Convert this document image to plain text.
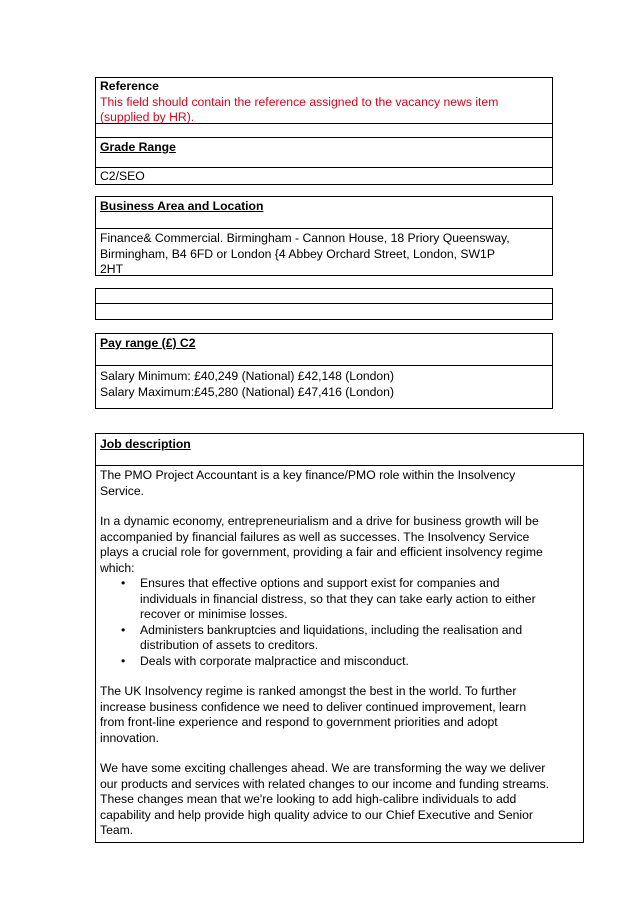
Reference

This field should contain the reference assigned to the vacancy news item

(supplied by HR).

Grade Range

C2/SEO

Business Area and Location

Finance& Commercial. Birmingham - Cannon House, 18 Priory Queensway,

Birmingham, B4 6FD or London {4 Abbey Orchard Street, London, SW1P

2HT

Pay range (£) C2

Salary Minimum: £40,249 (National) £42,148 (London)

Salary Maximum:£45,280 (National) £47,416 (London)

Job description

The PMO Project Accountant is a key finance/PMO role within the Insolvency

Service.

In a dynamic economy, entrepreneurialism and a drive for business growth will be

accompanied by financial failures as well as successes. The Insolvency Service

plays a crucial role for government, providing a fair and efficient insolvency regime

which:

• Ensures that effective options and support exist for companies and

individuals in financial distress, so that they can take early action to either

recover or minimise losses.

• Administers bankruptcies and liquidations, including the realisation and

distribution of assets to creditors.

• Deals with corporate malpractice and misconduct.

The UK Insolvency regime is ranked amongst the best in the world. To further

increase business confidence we need to deliver continued improvement, learn

from front-line experience and respond to government priorities and adopt

innovation.

We have some exciting challenges ahead. We are transforming the way we deliver

our products and services with related changes to our income and funding streams.

These changes mean that we're looking to add high-calibre individuals to add

capability and help provide high quality advice to our Chief Executive and Senior

Team.
